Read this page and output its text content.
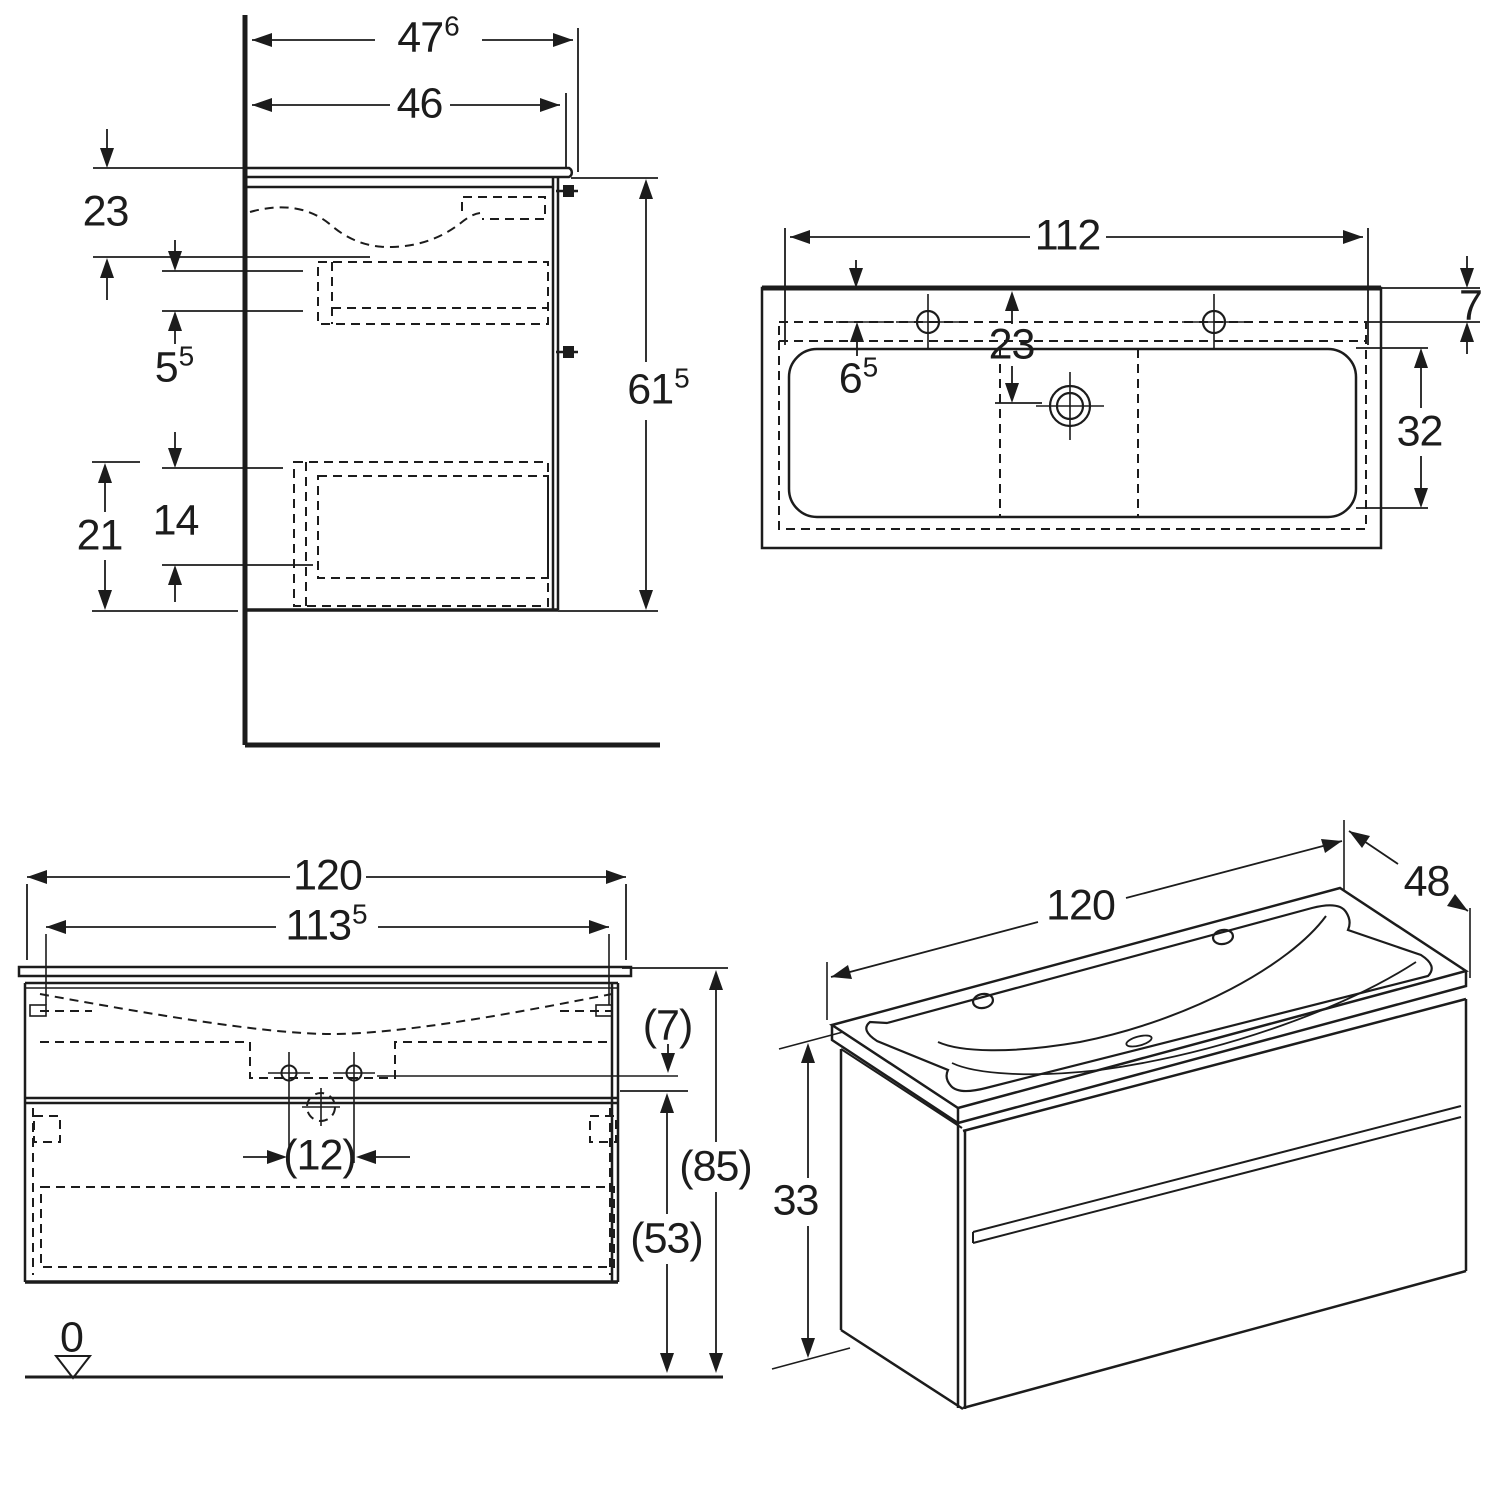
47 6
46
23
5 5
61 5
21 14
112
7
6 5	23
32
120
113 5
(7)
(12)	(85)
(53)
0
120	48
33
